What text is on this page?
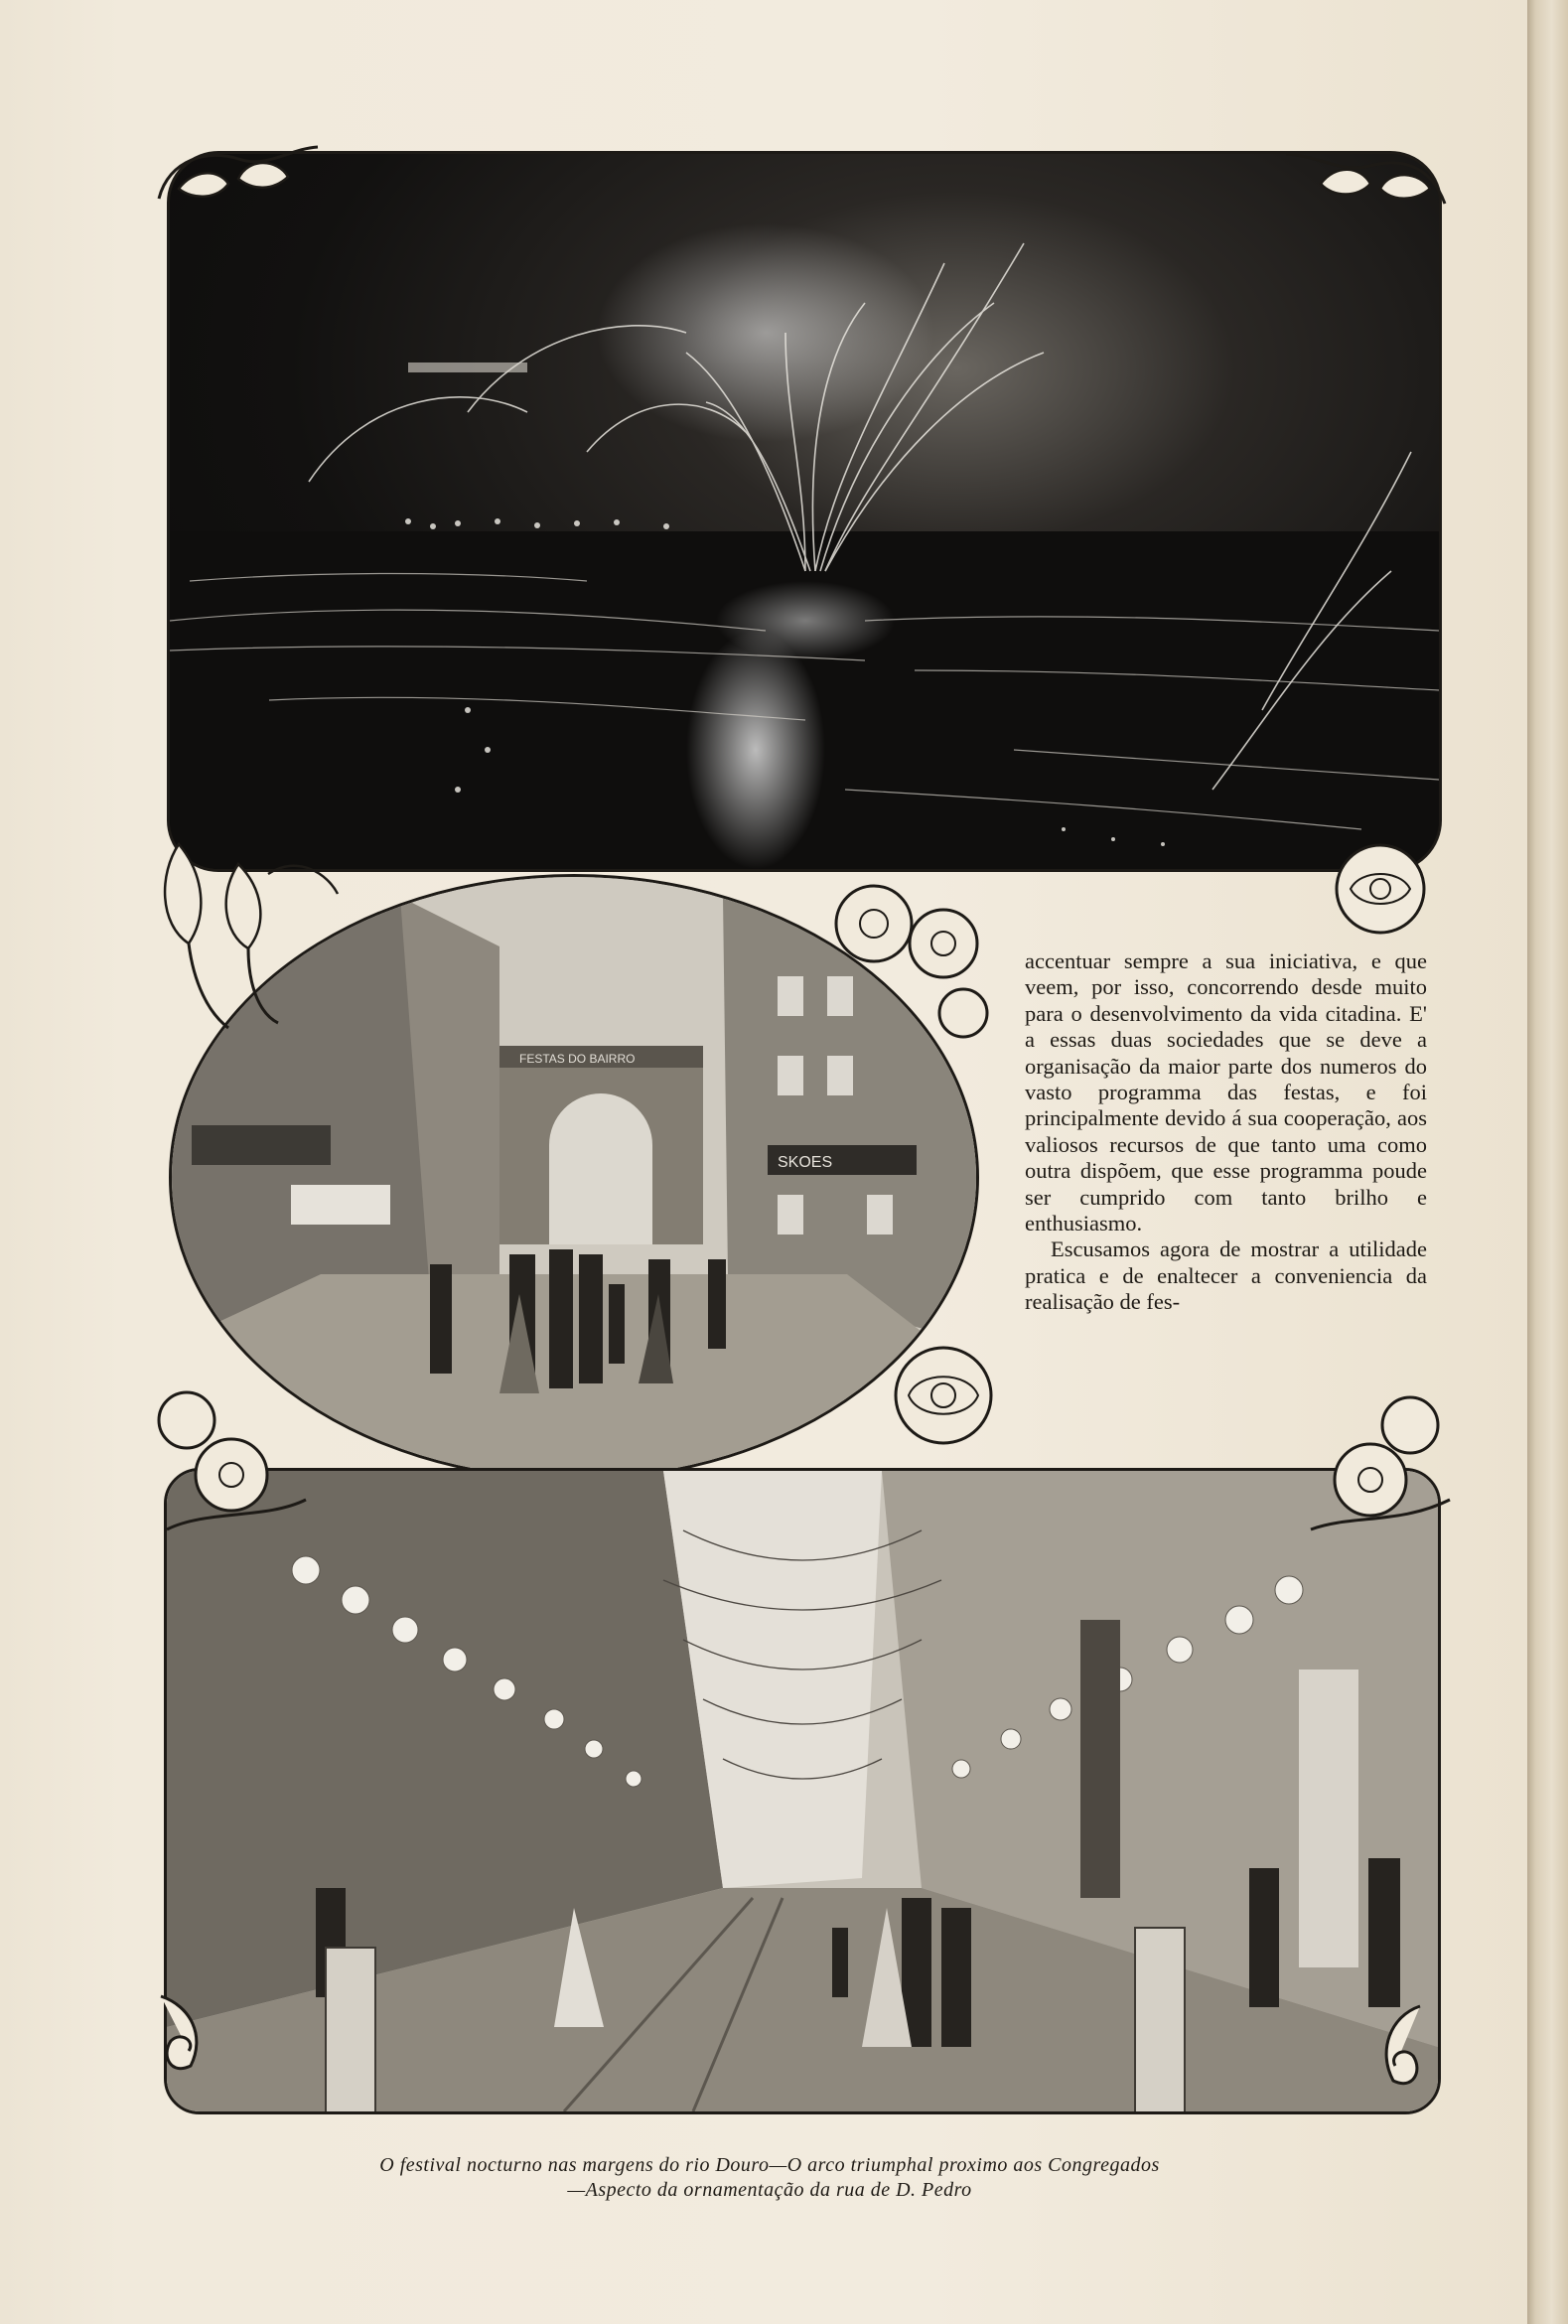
SKOES
FESTAS DO BAIRRO

accentuar sempre a sua iniciativa, e que veem, por isso, concorrendo desde muito para o desenvolvimento da vida citadina. E' a essas duas sociedades que se deve a organisação da maior parte dos numeros do vasto programma das festas, e foi principalmente devido á sua cooperação, aos valiosos recursos de que tanto uma como outra dispõem, que esse programma poude ser cumprido com tanto brilho e enthusiasmo.

Escusamos agora de mostrar a utilidade pratica e de enaltecer a conveniencia da realisação de fes-

O festival nocturno nas margens do rio Douro—O arco triumphal proximo aos Congregados
—Aspecto da ornamentação da rua de D. Pedro
